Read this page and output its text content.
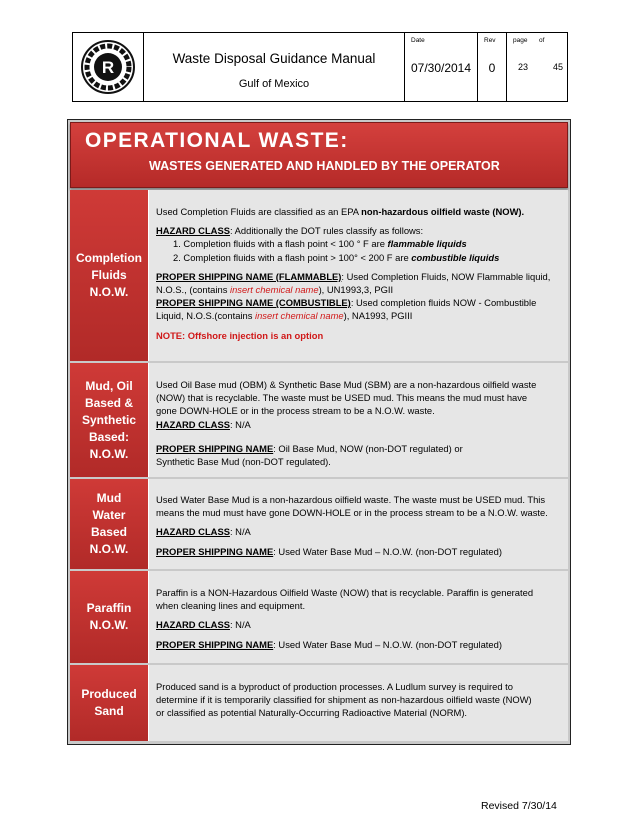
R	Waste Disposal Guidance Manual
Gulf of Mexico
Date
07/30/2014
Rev
0
page of
23	45
OPERATIONAL WASTE:
WASTES GENERATED AND HANDLED BY THE OPERATOR
Completion
Fluids
N.O.W.

Used Completion Fluids are classified as an EPA non-hazardous oilfield waste (NOW).

HAZARD CLASS: Additionally the DOT rules classify as follows:

1. Completion fluids with a flash point < 100 ° F are flammable liquids

2. Completion fluids with a flash point > 100° < 200 F are combustible liquids

PROPER SHIPPING NAME (FLAMMABLE): Used Completion Fluids, NOW Flammable liquid,

N.O.S., (contains insert chemical name), UN1993,3, PGII

PROPER SHIPPING NAME (COMBUSTIBLE): Used completion fluids NOW - Combustible

Liquid, N.O.S.(contains insert chemical name), NA1993, PGIII

NOTE: Offshore injection is an option

Mud, Oil
Based &
Synthetic
Based:
N.O.W.

Used Oil Base mud (OBM) & Synthetic Base Mud (SBM) are a non-hazardous oilfield waste

(NOW) that is recyclable. The waste must be USED mud. This means the mud must have

gone DOWN-HOLE or in the process stream to be a N.O.W. waste.

HAZARD CLASS: N/A

PROPER SHIPPING NAME: Oil Base Mud, NOW (non-DOT regulated) or

Synthetic Base Mud (non-DOT regulated).

Mud
Water
Based
N.O.W.

Used Water Base Mud is a non-hazardous oilfield waste. The waste must be USED mud. This

means the mud must have gone DOWN-HOLE or in the process stream to be a N.O.W. waste.

HAZARD CLASS: N/A

PROPER SHIPPING NAME: Used Water Base Mud – N.O.W. (non-DOT regulated)

Paraffin
N.O.W.

Paraffin is a NON-Hazardous Oilfield Waste (NOW) that is recyclable. Paraffin is generated

when cleaning lines and equipment.

HAZARD CLASS: N/A

PROPER SHIPPING NAME: Used Water Base Mud – N.O.W. (non-DOT regulated)

Produced
Sand

Produced sand is a byproduct of production processes. A Ludlum survey is required to

determine if it is temporarily classified for shipment as non-hazardous oilfield waste (NOW)

or classified as potential Naturally-Occurring Radioactive Material (NORM).

Revised 7/30/14
